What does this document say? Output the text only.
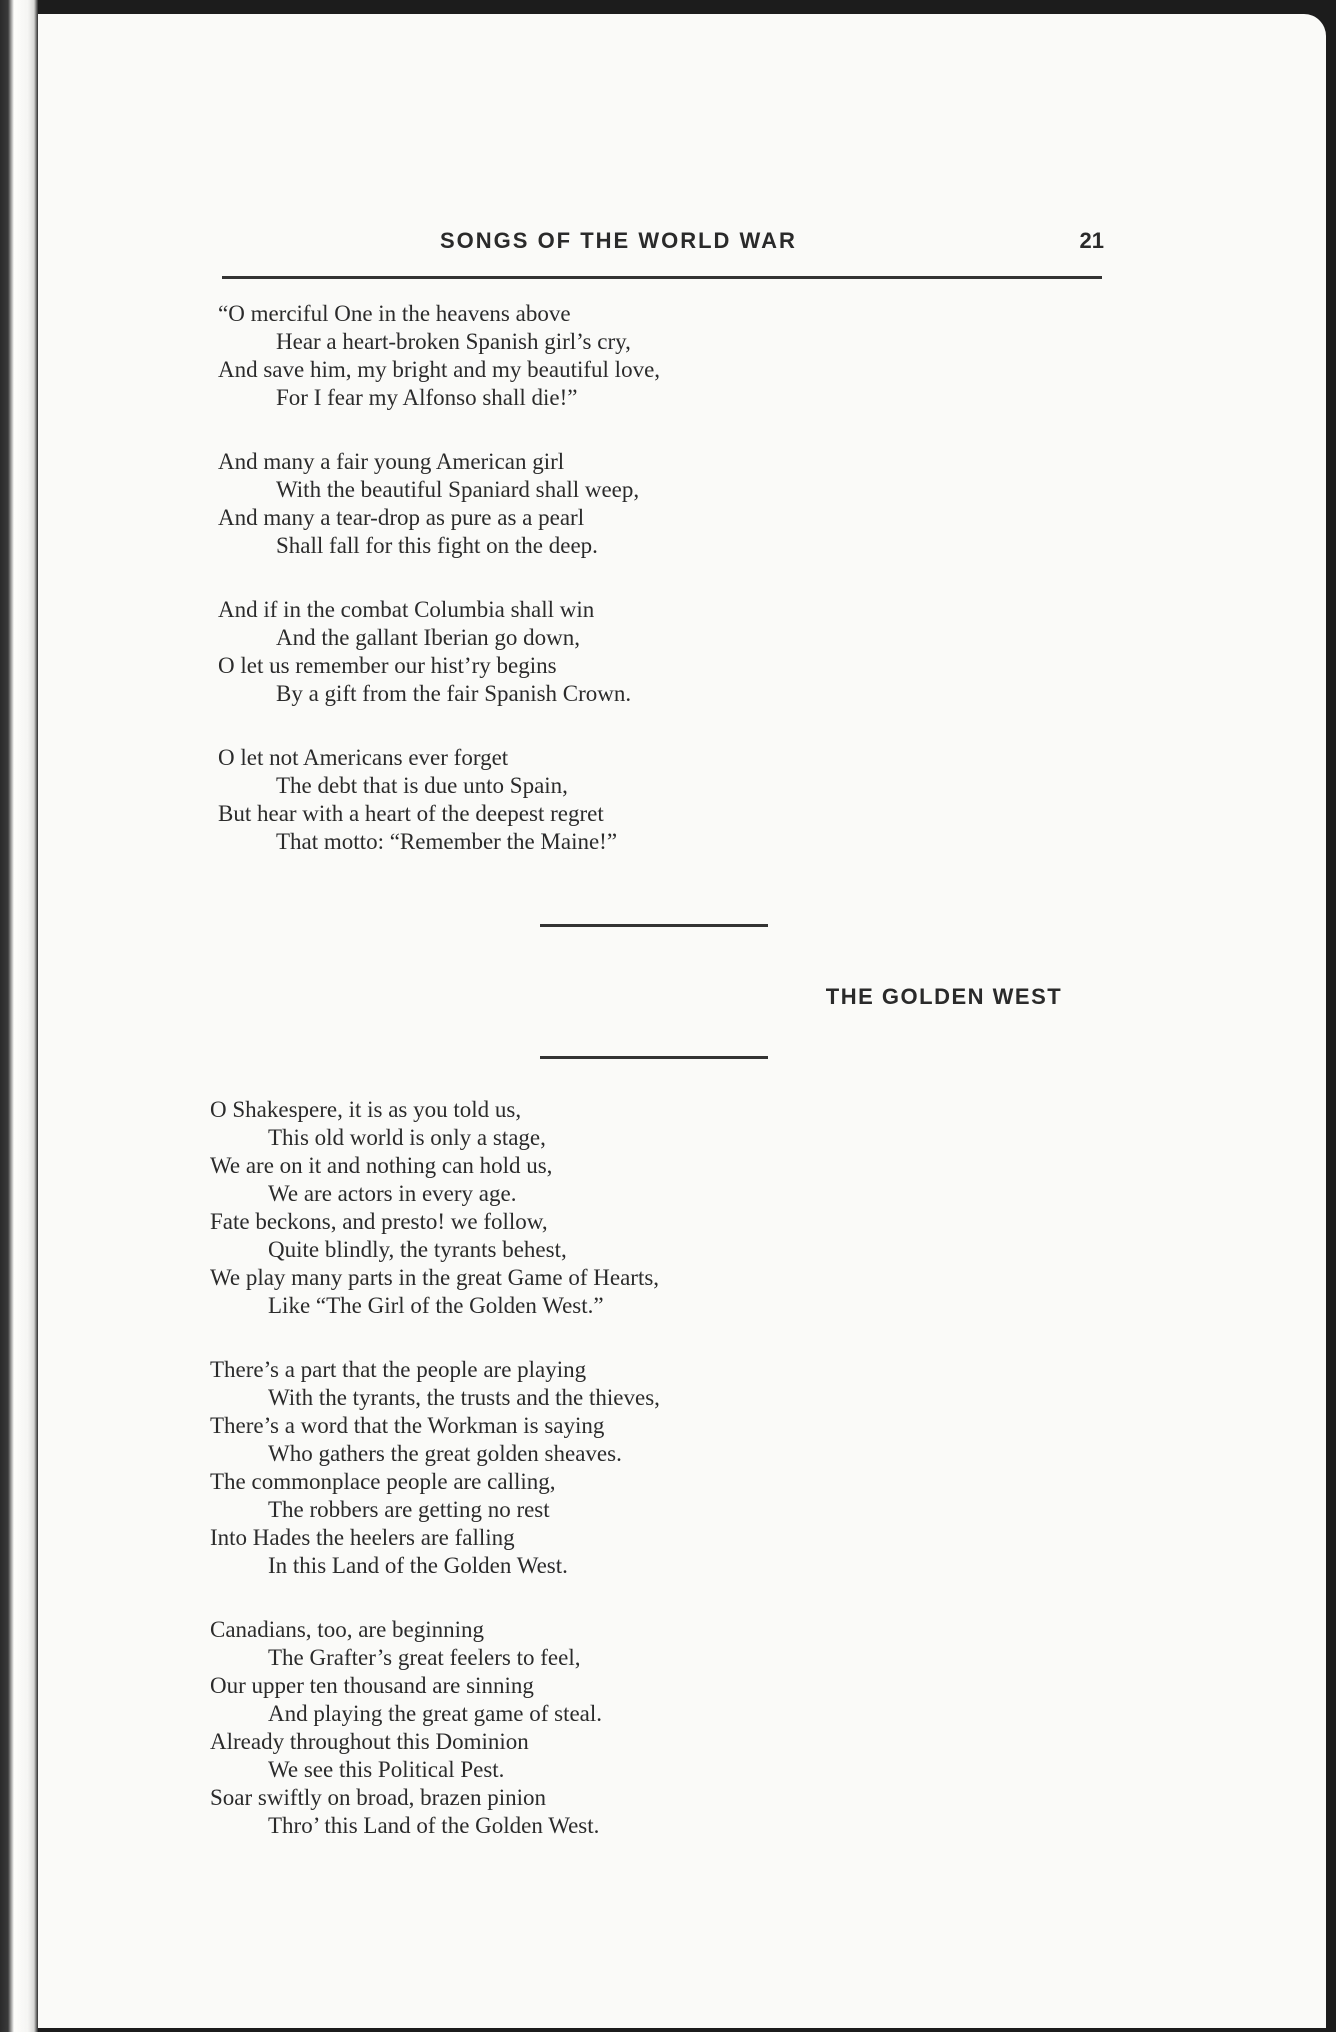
SONGS OF THE WORLD WAR	21
“O merciful One in the heavens above
Hear a heart-broken Spanish girl’s cry,
And save him, my bright and my beautiful love,
For I fear my Alfonso shall die!”
And many a fair young American girl
With the beautiful Spaniard shall weep,
And many a tear-drop as pure as a pearl
Shall fall for this fight on the deep.
And if in the combat Columbia shall win
And the gallant Iberian go down,
O let us remember our hist’ry begins
By a gift from the fair Spanish Crown.
O let not Americans ever forget
The debt that is due unto Spain,
But hear with a heart of the deepest regret
That motto: “Remember the Maine!”
THE GOLDEN WEST
O Shakespere, it is as you told us,
This old world is only a stage,
We are on it and nothing can hold us,
We are actors in every age.
Fate beckons, and presto! we follow,
Quite blindly, the tyrants behest,
We play many parts in the great Game of Hearts,
Like “The Girl of the Golden West.”
There’s a part that the people are playing
With the tyrants, the trusts and the thieves,
There’s a word that the Workman is saying
Who gathers the great golden sheaves.
The commonplace people are calling,
The robbers are getting no rest
Into Hades the heelers are falling
In this Land of the Golden West.
Canadians, too, are beginning
The Grafter’s great feelers to feel,
Our upper ten thousand are sinning
And playing the great game of steal.
Already throughout this Dominion
We see this Political Pest.
Soar swiftly on broad, brazen pinion
Thro’ this Land of the Golden West.
